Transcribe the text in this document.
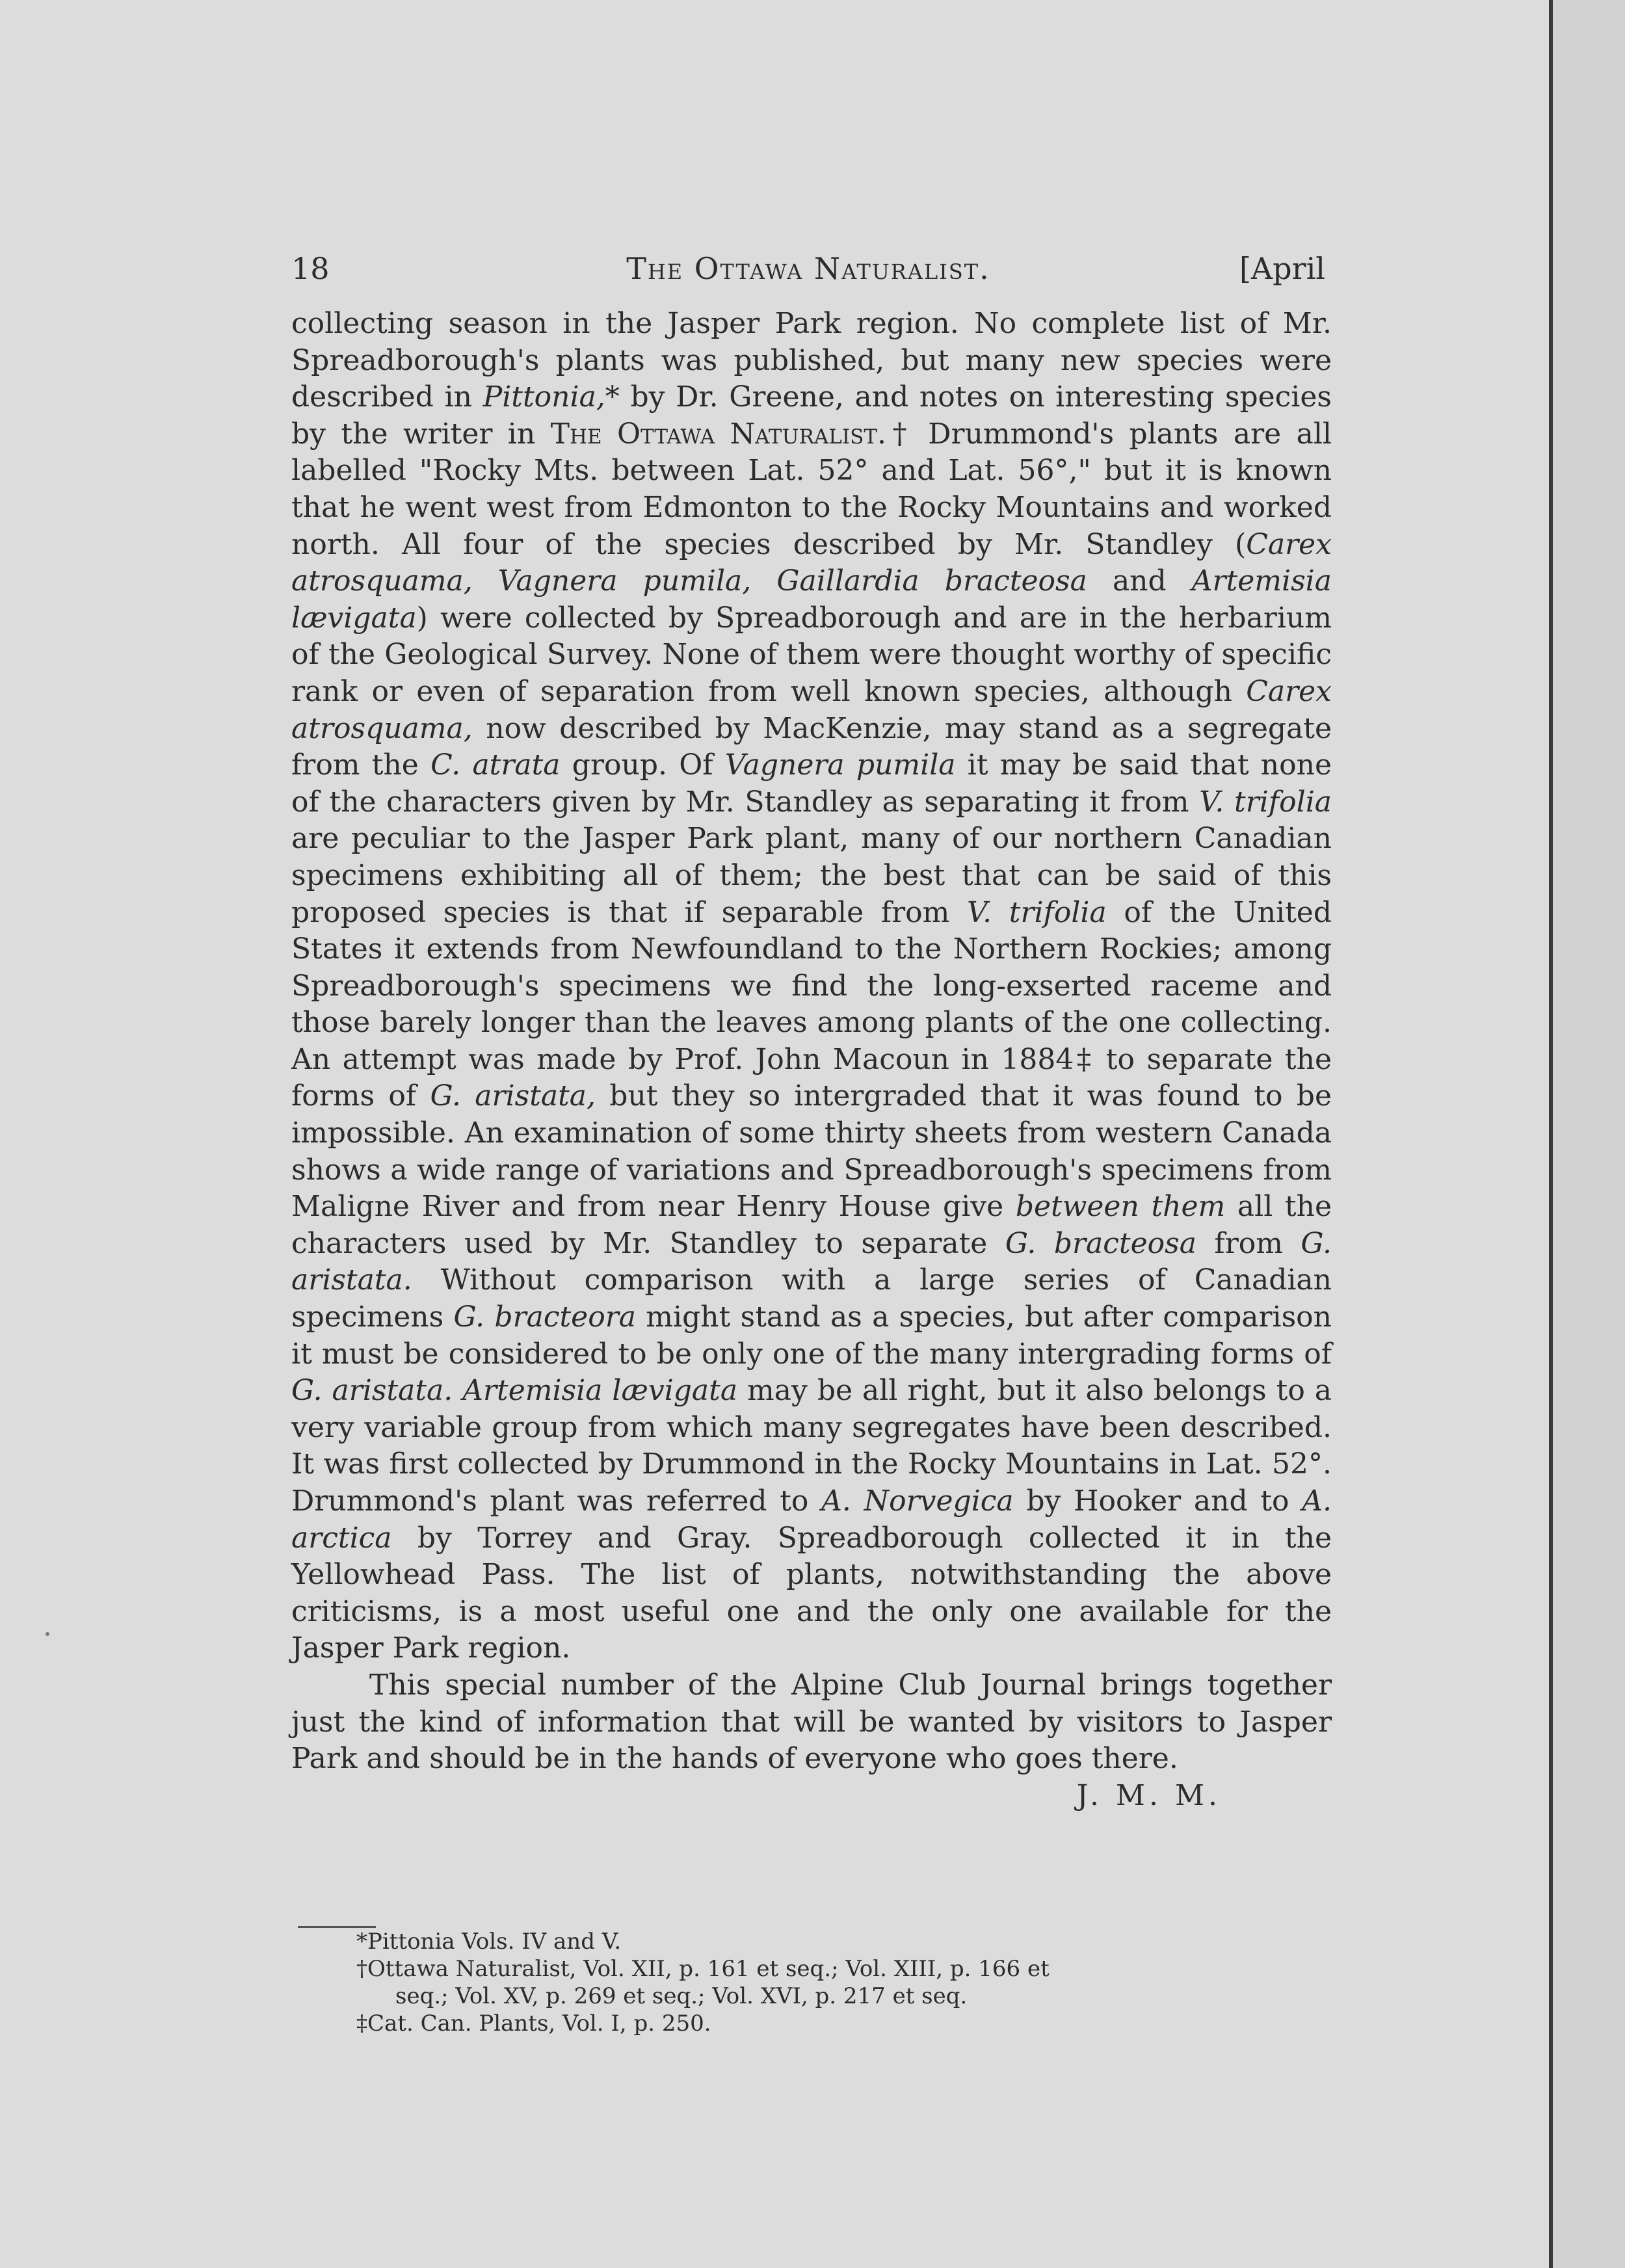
18	The Ottawa Naturalist.	[April

collecting season in the Jasper Park region. No complete list of Mr. Spreadborough's plants was published, but many new species were described in Pittonia,* by Dr. Greene, and notes on interesting species by the writer in The Ottawa Naturalist.† Drummond's plants are all labelled "Rocky Mts. between Lat. 52° and Lat. 56°," but it is known that he went west from Edmonton to the Rocky Mountains and worked north. All four of the species described by Mr. Standley (Carex atrosquama, Vagnera pumila, Gaillardia bracteosa and Artemisia lævigata) were collected by Spreadborough and are in the herbarium of the Geological Survey. None of them were thought worthy of specific rank or even of separation from well known species, although Carex atrosquama, now described by MacKenzie, may stand as a segregate from the C. atrata group. Of Vagnera pumila it may be said that none of the characters given by Mr. Standley as separating it from V. trifolia are peculiar to the Jasper Park plant, many of our northern Canadian specimens exhibiting all of them; the best that can be said of this proposed species is that if separable from V. trifolia of the United States it extends from Newfoundland to the Northern Rockies; among Spreadborough's specimens we find the long-exserted raceme and those barely longer than the leaves among plants of the one collecting. An attempt was made by Prof. John Macoun in 1884‡ to separate the forms of G. aristata, but they so intergraded that it was found to be impossible. An examination of some thirty sheets from western Canada shows a wide range of variations and Spreadborough's specimens from Maligne River and from near Henry House give between them all the characters used by Mr. Standley to separate G. bracteosa from G. aristata. Without comparison with a large series of Canadian specimens G. bracteora might stand as a species, but after comparison it must be considered to be only one of the many intergrading forms of G. aristata. Artemisia lævigata may be all right, but it also belongs to a very variable group from which many segregates have been described. It was first collected by Drummond in the Rocky Mountains in Lat. 52°. Drummond's plant was referred to A. Norvegica by Hooker and to A. arctica by Torrey and Gray. Spreadborough collected it in the Yellowhead Pass. The list of plants, notwithstanding the above criticisms, is a most useful one and the only one available for the Jasper Park region.

This special number of the Alpine Club Journal brings together just the kind of information that will be wanted by visitors to Jasper Park and should be in the hands of everyone who goes there.
J. M. M.

*Pittonia Vols. IV and V.

†Ottawa Naturalist, Vol. XII, p. 161 et seq.; Vol. XIII, p. 166 et
seq.; Vol. XV, p. 269 et seq.; Vol. XVI, p. 217 et seq.

‡Cat. Can. Plants, Vol. I, p. 250.
